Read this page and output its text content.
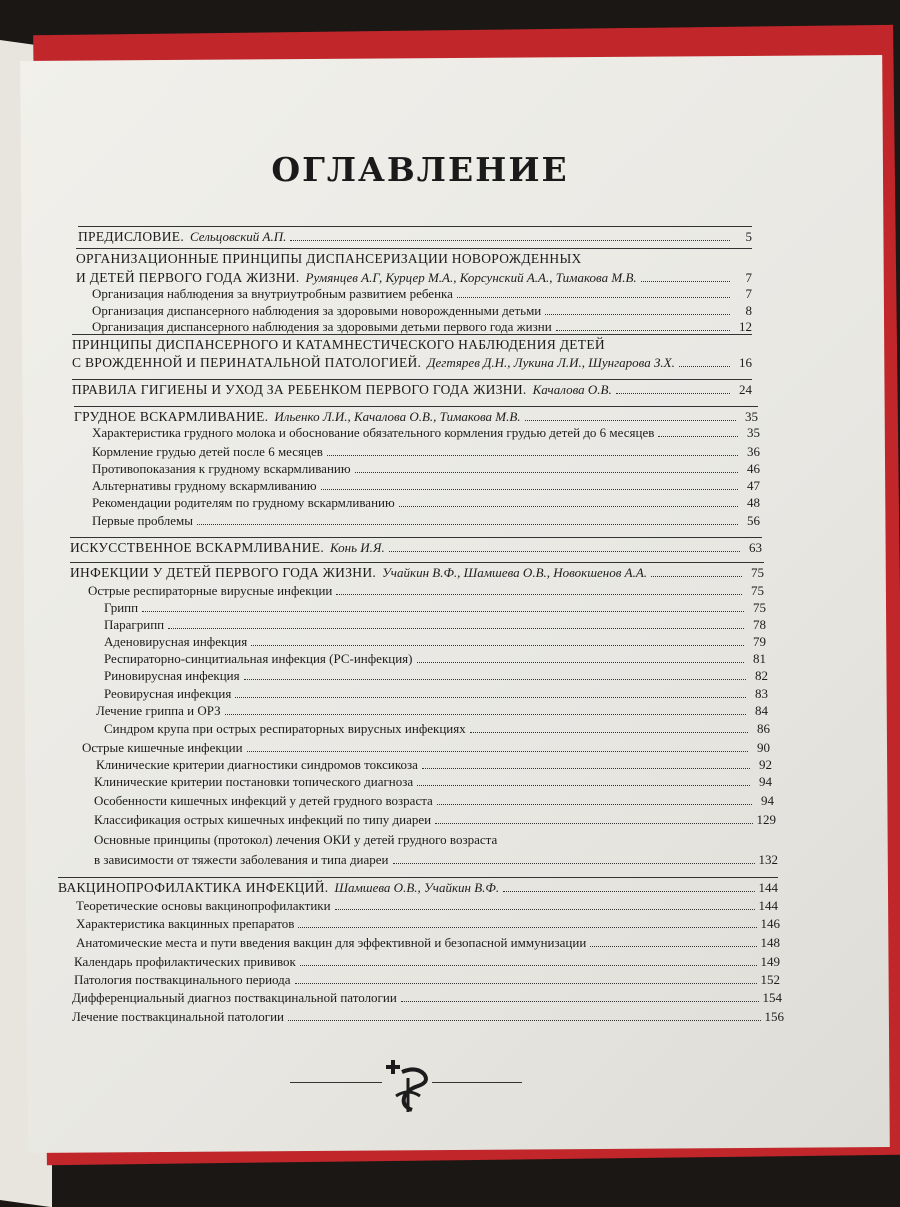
ОГЛАВЛЕНИЕ
ПРЕДИСЛОВИЕ. Сельцовский А.П.	5
ОРГАНИЗАЦИОННЫЕ ПРИНЦИПЫ ДИСПАНСЕРИЗАЦИИ НОВОРОЖДЕННЫХ
И ДЕТЕЙ ПЕРВОГО ГОДА ЖИЗНИ. Румянцев А.Г, Курцер М.А., Корсунский А.А., Тимакова М.В.	7
Организация наблюдения за внутриутробным развитием ребенка	7
Организация диспансерного наблюдения за здоровыми новорожденными детьми	8
Организация диспансерного наблюдения за здоровыми детьми первого года жизни	12
ПРИНЦИПЫ ДИСПАНСЕРНОГО И КАТАМНЕСТИЧЕСКОГО НАБЛЮДЕНИЯ ДЕТЕЙ
С ВРОЖДЕННОЙ И ПЕРИНАТАЛЬНОЙ ПАТОЛОГИЕЙ. Дегтярев Д.Н., Лукина Л.И., Шунгарова З.Х.	16
ПРАВИЛА ГИГИЕНЫ И УХОД ЗА РЕБЕНКОМ ПЕРВОГО ГОДА ЖИЗНИ. Качалова О.В.	24
ГРУДНОЕ ВСКАРМЛИВАНИЕ. Ильенко Л.И., Качалова О.В., Тимакова М.В.	35
Характеристика грудного молока и обоснование обязательного кормления грудью детей до 6 месяцев	35
Кормление грудью детей после 6 месяцев	36
Противопоказания к грудному вскармливанию	46
Альтернативы грудному вскармливанию	47
Рекомендации родителям по грудному вскармливанию	48
Первые проблемы	56
ИСКУССТВЕННОЕ ВСКАРМЛИВАНИЕ. Конь И.Я.	63
ИНФЕКЦИИ У ДЕТЕЙ ПЕРВОГО ГОДА ЖИЗНИ. Учайкин В.Ф., Шамшева О.В., Новокшенов А.А.	75
Острые респираторные вирусные инфекции	75
Грипп	75
Парагрипп	78
Аденовирусная инфекция	79
Респираторно-синцитиальная инфекция (РС-инфекция)	81
Риновирусная инфекция	82
Реовирусная инфекция	83
Лечение гриппа и ОРЗ	84
Синдром крупа при острых респираторных вирусных инфекциях	86
Острые кишечные инфекции	90
Клинические критерии диагностики синдромов токсикоза	92
Клинические критерии постановки топического диагноза	94
Особенности кишечных инфекций у детей грудного возраста	94
Классификация острых кишечных инфекций по типу диареи	129
Основные принципы (протокол) лечения ОКИ у детей грудного возраста
в зависимости от тяжести заболевания и типа диареи	132
ВАКЦИНОПРОФИЛАКТИКА ИНФЕКЦИЙ. Шамшева О.В., Учайкин В.Ф.	144
Теоретические основы вакцинопрофилактики	144
Характеристика вакцинных препаратов	146
Анатомические места и пути введения вакцин для эффективной и безопасной иммунизации	148
Календарь профилактических прививок	149
Патология поствакцинального периода	152
Дифференциальный диагноз поствакцинальной патологии	154
Лечение поствакцинальной патологии	156
